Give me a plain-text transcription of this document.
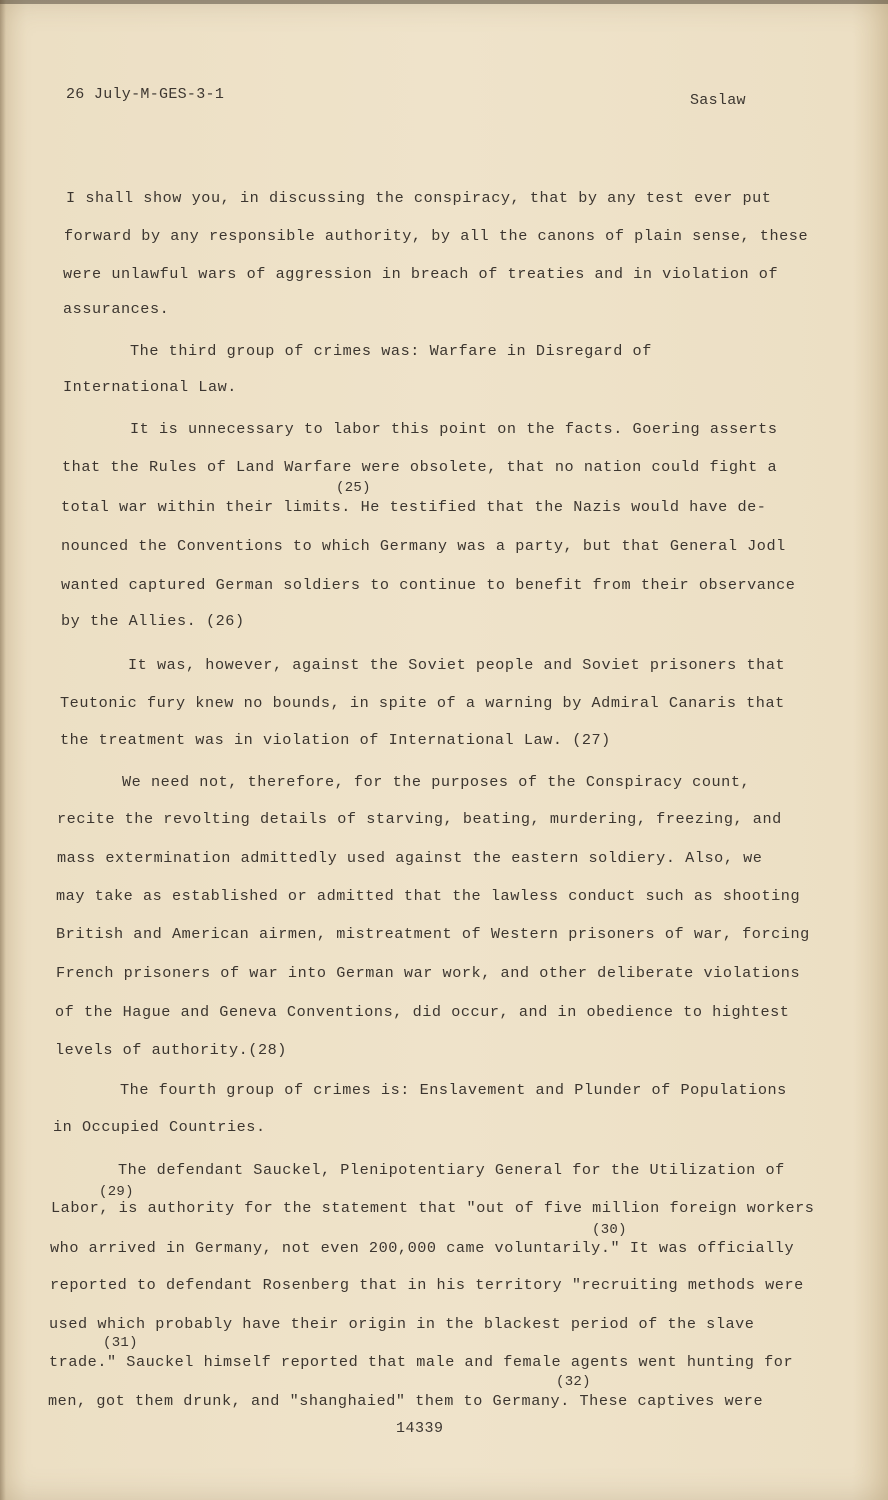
26 July-M-GES-3-1	Saslaw
I shall show you, in discussing the conspiracy, that by any test ever put
forward by any responsible authority, by all the canons of plain sense, these
were unlawful wars of aggression in breach of treaties and in violation of
assurances.
The third group of crimes was: Warfare in Disregard of
International Law.
It is unnecessary to labor this point on the facts. Goering asserts
that the Rules of Land Warfare were obsolete, that no nation could fight a
(25)
total war within their limits. He testified that the Nazis would have de-
nounced the Conventions to which Germany was a party, but that General Jodl
wanted captured German soldiers to continue to benefit from their observance
by the Allies. (26)
It was, however, against the Soviet people and Soviet prisoners that
Teutonic fury knew no bounds, in spite of a warning by Admiral Canaris that
the treatment was in violation of International Law. (27)
We need not, therefore, for the purposes of the Conspiracy count,
recite the revolting details of starving, beating, murdering, freezing, and
mass extermination admittedly used against the eastern soldiery. Also, we
may take as established or admitted that the lawless conduct such as shooting
British and American airmen, mistreatment of Western prisoners of war, forcing
French prisoners of war into German war work, and other deliberate violations
of the Hague and Geneva Conventions, did occur, and in obedience to hightest
levels of authority.(28)
The fourth group of crimes is: Enslavement and Plunder of Populations
in Occupied Countries.
The defendant Sauckel, Plenipotentiary General for the Utilization of
(29)
Labor, is authority for the statement that "out of five million foreign workers
(30)
who arrived in Germany, not even 200,000 came voluntarily." It was officially
reported to defendant Rosenberg that in his territory "recruiting methods were
used which probably have their origin in the blackest period of the slave
(31)
trade." Sauckel himself reported that male and female agents went hunting for
(32)
men, got them drunk, and "shanghaied" them to Germany. These captives were
14339
